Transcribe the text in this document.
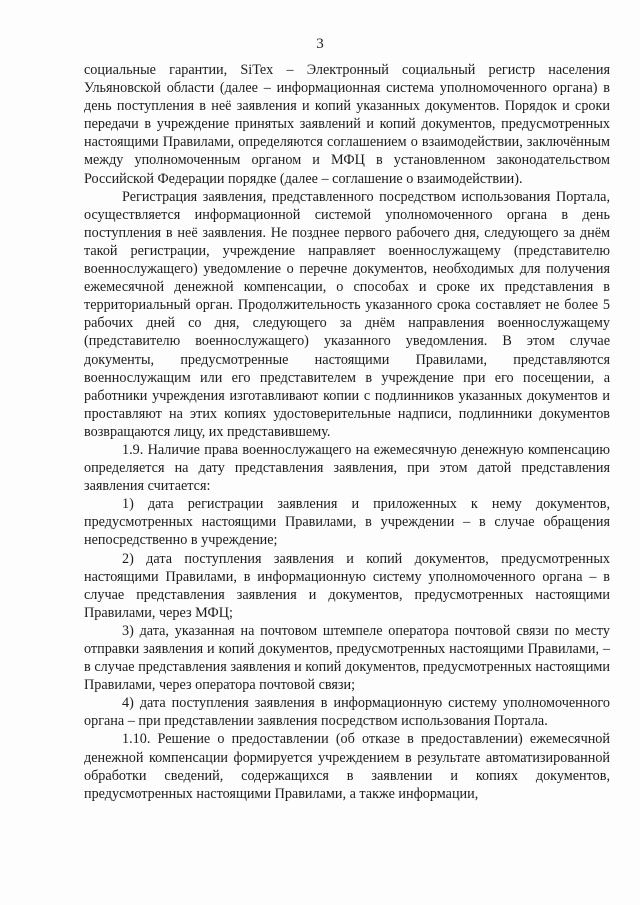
3

социальные гарантии, SiTex – Электронный социальный регистр населения Ульяновской области (далее – информационная система уполномоченного органа) в день поступления в неё заявления и копий указанных документов. Порядок и сроки передачи в учреждение принятых заявлений и копий документов, предусмотренных настоящими Правилами, определяются соглашением о взаимодействии, заключённым между уполномоченным органом и МФЦ в установленном законодательством Российской Федерации порядке (далее – соглашение о взаимодействии).

Регистрация заявления, представленного посредством использования Портала, осуществляется информационной системой уполномоченного органа в день поступления в неё заявления. Не позднее первого рабочего дня, следующего за днём такой регистрации, учреждение направляет военнослужащему (представителю военнослужащего) уведомление о перечне документов, необходимых для получения ежемесячной денежной компенсации, о способах и сроке их представления в территориальный орган. Продолжительность указанного срока составляет не более 5 рабочих дней со дня, следующего за днём направления военнослужащему (представителю военнослужащего) указанного уведомления. В этом случае документы, предусмотренные настоящими Правилами, представляются военнослужащим или его представителем в учреждение при его посещении, а работники учреждения изготавливают копии с подлинников указанных документов и проставляют на этих копиях удостоверительные надписи, подлинники документов возвращаются лицу, их представившему.

1.9. Наличие права военнослужащего на ежемесячную денежную компенсацию определяется на дату представления заявления, при этом датой представления заявления считается:

1) дата регистрации заявления и приложенных к нему документов, предусмотренных настоящими Правилами, в учреждении – в случае обращения непосредственно в учреждение;

2) дата поступления заявления и копий документов, предусмотренных настоящими Правилами, в информационную систему уполномоченного органа – в случае представления заявления и документов, предусмотренных настоящими Правилами, через МФЦ;

3) дата, указанная на почтовом штемпеле оператора почтовой связи по месту отправки заявления и копий документов, предусмотренных настоящими Правилами, – в случае представления заявления и копий документов, предусмотренных настоящими Правилами, через оператора почтовой связи;

4) дата поступления заявления в информационную систему уполномоченного органа – при представлении заявления посредством использования Портала.

1.10. Решение о предоставлении (об отказе в предоставлении) ежемесячной денежной компенсации формируется учреждением в результате автоматизированной обработки сведений, содержащихся в заявлении и копиях документов, предусмотренных настоящими Правилами, а также информации,
